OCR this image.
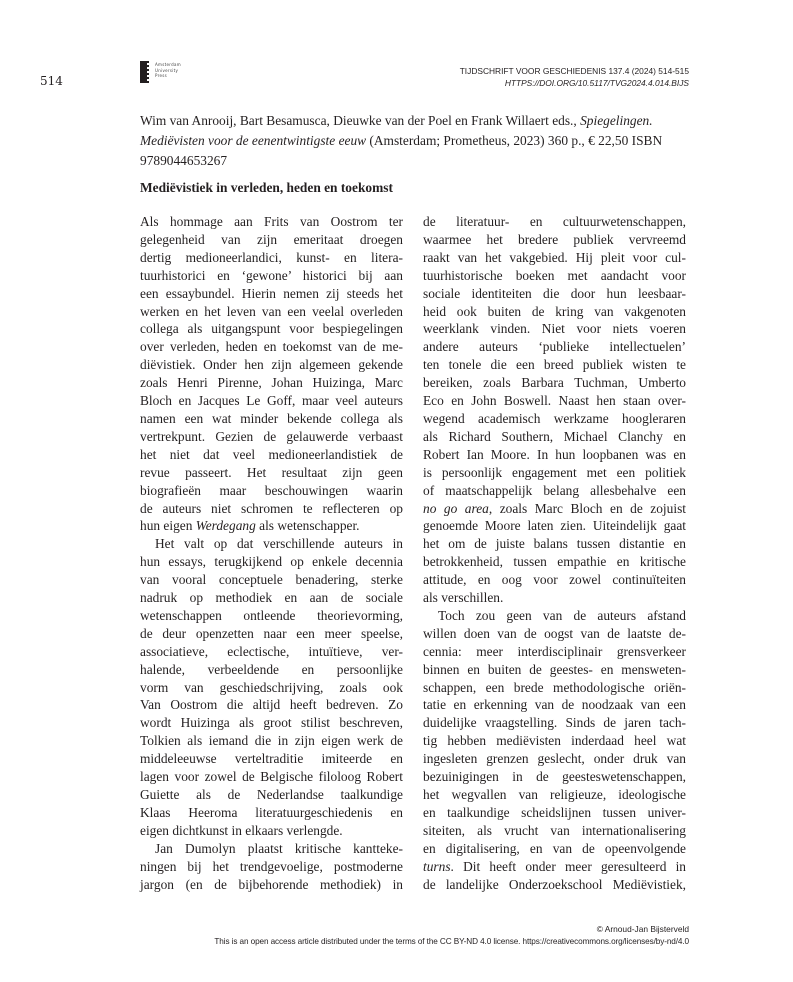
514
Amsterdam
University
Press	TIJDSCHRIFT VOOR GESCHIEDENIS 137.4 (2024) 514-515
HTTPS://DOI.ORG/10.5117/TVG2024.4.014.BIJS
Wim van Anrooij, Bart Besamusca, Dieuwke van der Poel en Frank Willaert eds., Spiegelingen. Mediëvisten voor de eenentwintigste eeuw (Amsterdam; Prometheus, 2023) 360 p., € 22,50 ISBN 9789044653267
Mediëvistiek in verleden, heden en toekomst
Als hommage aan Frits van Oostrom ter
gelegenheid van zijn emeritaat droegen
dertig medioneerlandici, kunst- en litera-
tuurhistorici en ‘gewone’ historici bij aan
een essaybundel. Hierin nemen zij steeds het
werken en het leven van een veelal overleden
collega als uitgangspunt voor bespiegelingen
over verleden, heden en toekomst van de me-
diëvistiek. Onder hen zijn algemeen gekende
zoals Henri Pirenne, Johan Huizinga, Marc
Bloch en Jacques Le Goff, maar veel auteurs
namen een wat minder bekende collega als
vertrekpunt. Gezien de gelauwerde verbaast
het niet dat veel medioneerlandistiek de
revue passeert. Het resultaat zijn geen
biografieën maar beschouwingen waarin
de auteurs niet schromen te reflecteren op
hun eigen Werdegang als wetenschapper.
Het valt op dat verschillende auteurs in
hun essays, terugkijkend op enkele decennia
van vooral conceptuele benadering, sterke
nadruk op methodiek en aan de sociale
wetenschappen ontleende theorievorming,
de deur openzetten naar een meer speelse,
associatieve, eclectische, intuïtieve, ver-
halende, verbeeldende en persoonlijke
vorm van geschiedschrijving, zoals ook
Van Oostrom die altijd heeft bedreven. Zo
wordt Huizinga als groot stilist beschreven,
Tolkien als iemand die in zijn eigen werk de
middeleeuwse verteltraditie imiteerde en
lagen voor zowel de Belgische filoloog Robert
Guiette als de Nederlandse taalkundige
Klaas Heeroma literatuurgeschiedenis en
eigen dichtkunst in elkaars verlengde.
Jan Dumolyn plaatst kritische kantteke-
ningen bij het trendgevoelige, postmoderne
jargon (en de bijbehorende methodiek) in
de literatuur- en cultuurwetenschappen,
waarmee het bredere publiek vervreemd
raakt van het vakgebied. Hij pleit voor cul-
tuurhistorische boeken met aandacht voor
sociale identiteiten die door hun leesbaar-
heid ook buiten de kring van vakgenoten
weerklank vinden. Niet voor niets voeren
andere auteurs ‘publieke intellectuelen’
ten tonele die een breed publiek wisten te
bereiken, zoals Barbara Tuchman, Umberto
Eco en John Boswell. Naast hen staan over-
wegend academisch werkzame hoogleraren
als Richard Southern, Michael Clanchy en
Robert Ian Moore. In hun loopbanen was en
is persoonlijk engagement met een politiek
of maatschappelijk belang allesbehalve een
no go area, zoals Marc Bloch en de zojuist
genoemde Moore laten zien. Uiteindelijk gaat
het om de juiste balans tussen distantie en
betrokkenheid, tussen empathie en kritische
attitude, en oog voor zowel continuïteiten
als verschillen.
Toch zou geen van de auteurs afstand
willen doen van de oogst van de laatste de-
cennia: meer interdisciplinair grensverkeer
binnen en buiten de geestes- en mensweten-
schappen, een brede methodologische oriën-
tatie en erkenning van de noodzaak van een
duidelijke vraagstelling. Sinds de jaren tach-
tig hebben mediëvisten inderdaad heel wat
ingesleten grenzen geslecht, onder druk van
bezuinigingen in de geesteswetenschappen,
het wegvallen van religieuze, ideologische
en taalkundige scheidslijnen tussen univer-
siteiten, als vrucht van internationalisering
en digitalisering, en van de opeenvolgende
turns. Dit heeft onder meer geresulteerd in
de landelijke Onderzoekschool Mediëvistiek,
© Arnoud-Jan Bijsterveld
This is an open access article distributed under the terms of the CC BY-ND 4.0 license. https://creativecommons.org/licenses/by-nd/4.0
